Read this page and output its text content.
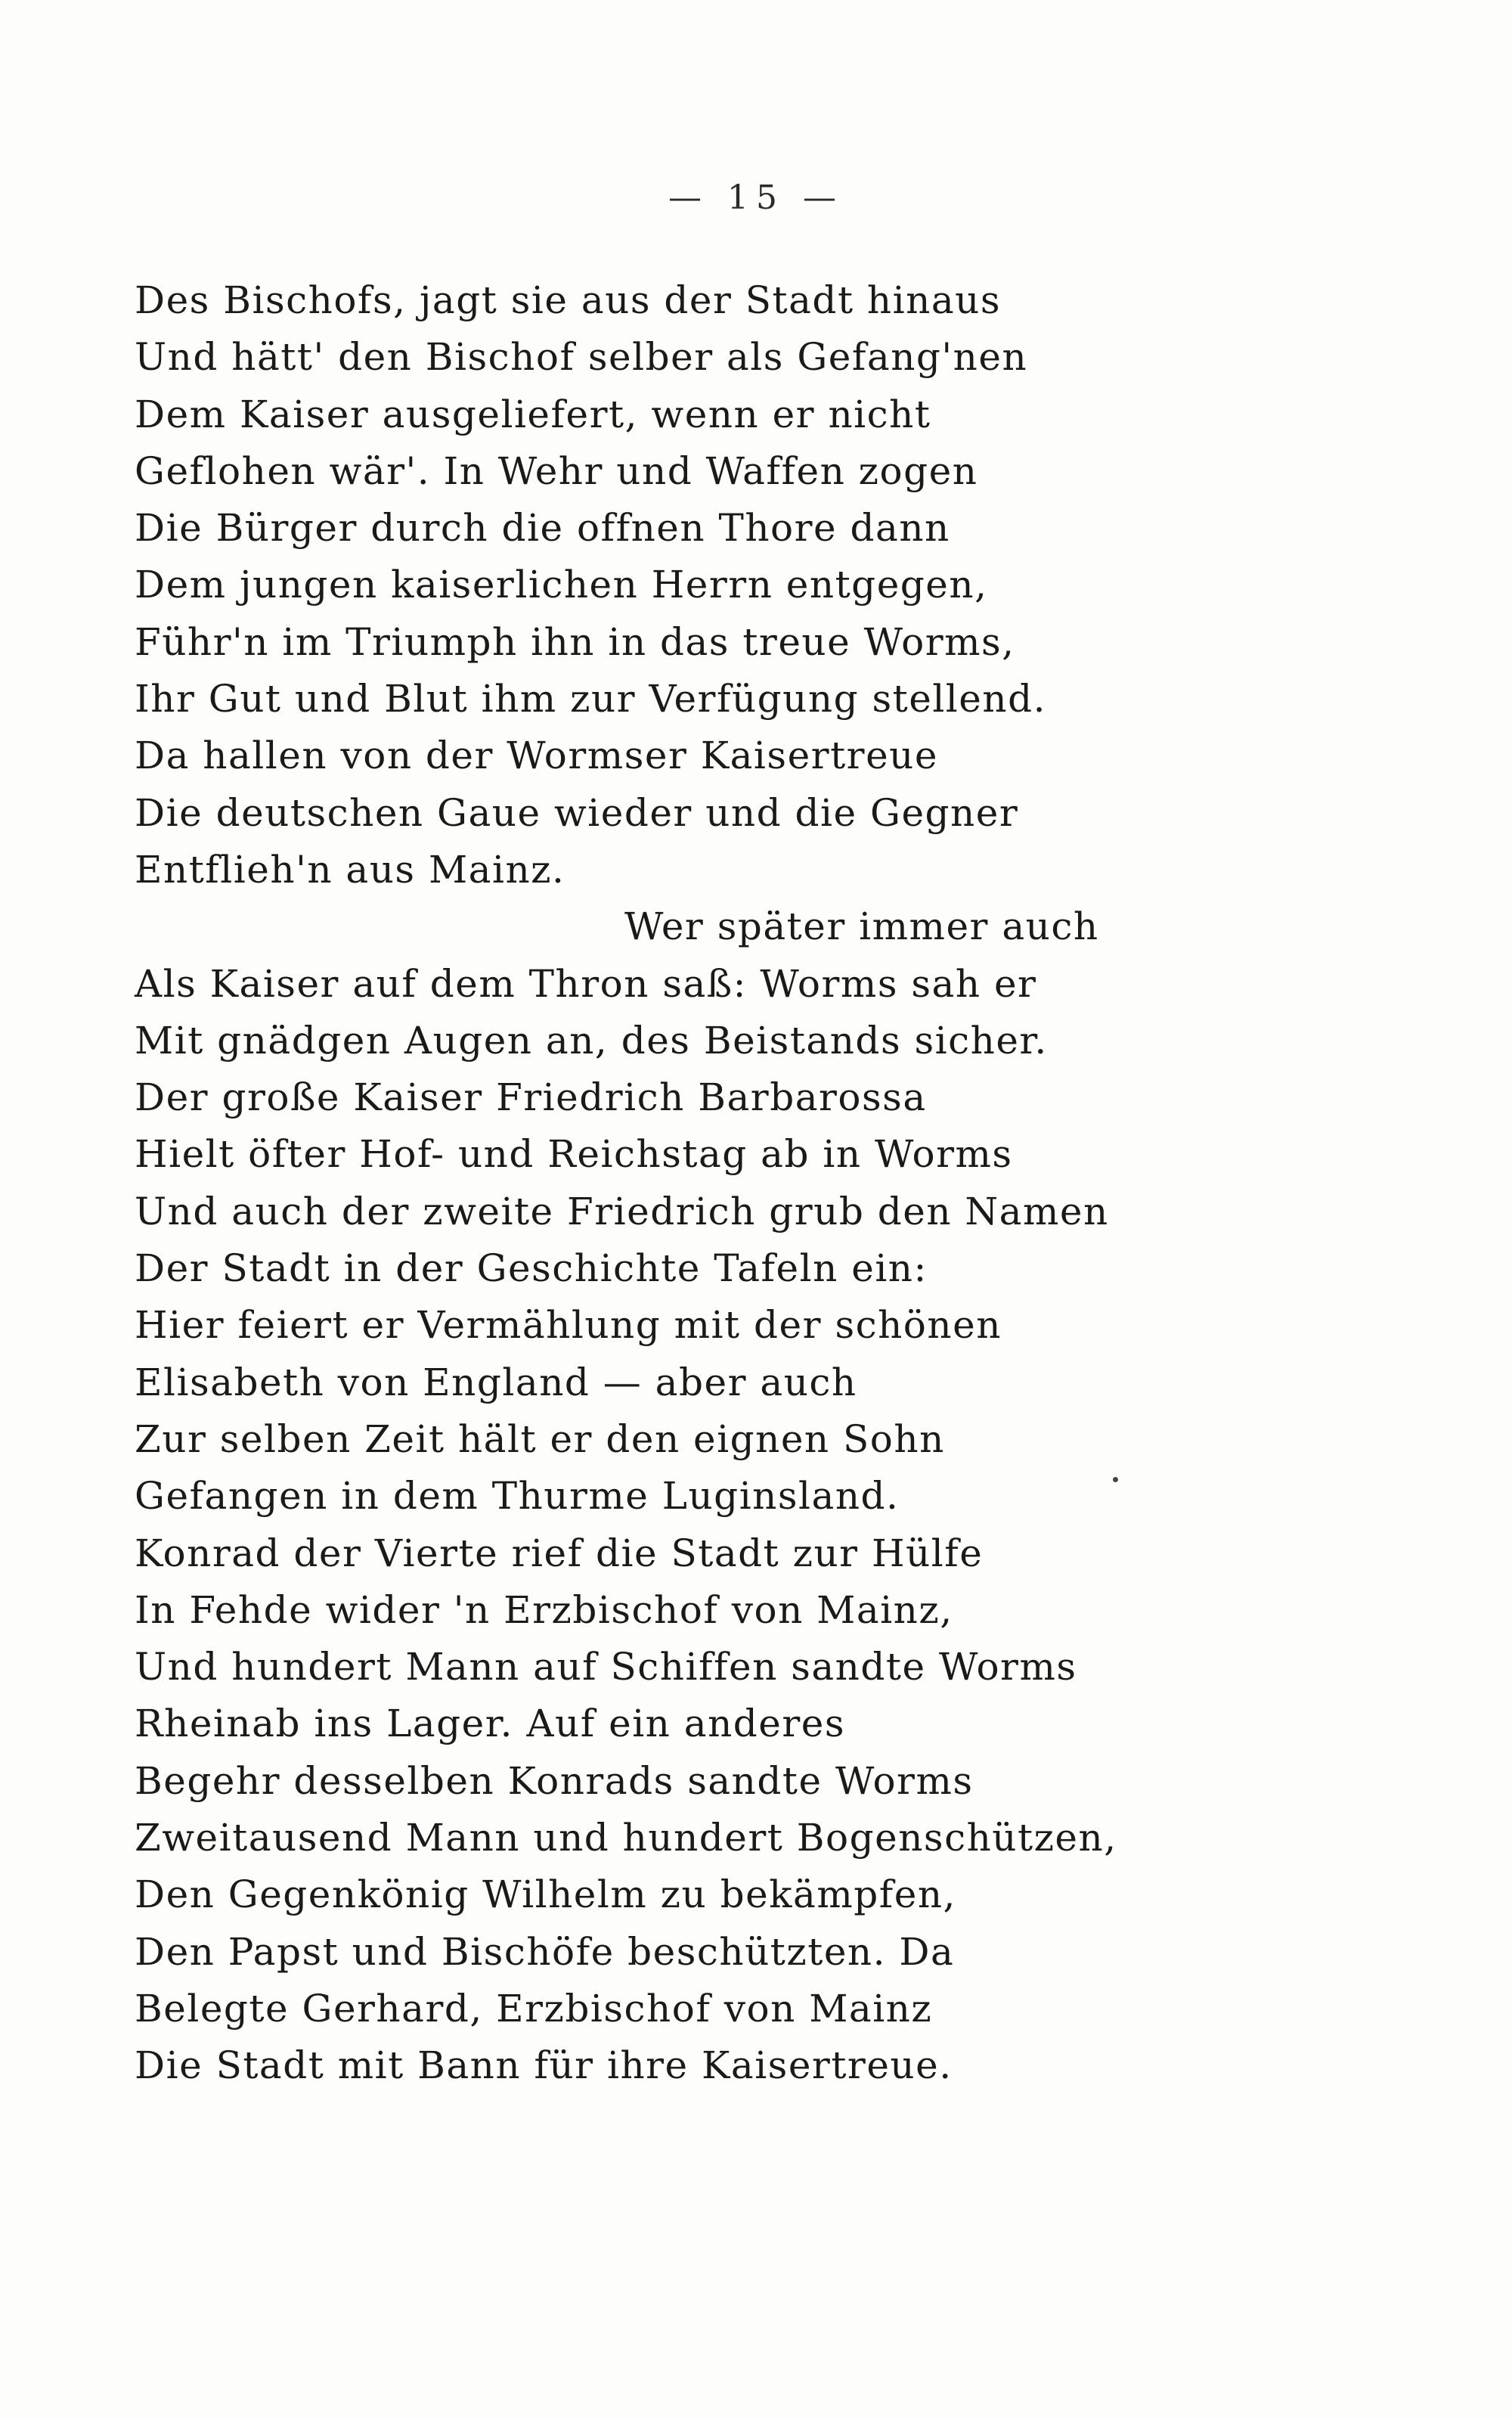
— 15 —
Des Bischofs, jagt sie aus der Stadt hinaus
Und hätt' den Bischof selber als Gefang'nen
Dem Kaiser ausgeliefert, wenn er nicht
Geflohen wär'. In Wehr und Waffen zogen
Die Bürger durch die offnen Thore dann
Dem jungen kaiserlichen Herrn entgegen,
Führ'n im Triumph ihn in das treue Worms,
Ihr Gut und Blut ihm zur Verfügung stellend.
Da hallen von der Wormser Kaisertreue
Die deutschen Gaue wieder und die Gegner
Entflieh'n aus Mainz.
Wer später immer auch
Als Kaiser auf dem Thron saß: Worms sah er
Mit gnädgen Augen an, des Beistands sicher.
Der große Kaiser Friedrich Barbarossa
Hielt öfter Hof- und Reichstag ab in Worms
Und auch der zweite Friedrich grub den Namen
Der Stadt in der Geschichte Tafeln ein:
Hier feiert er Vermählung mit der schönen
Elisabeth von England — aber auch
Zur selben Zeit hält er den eignen Sohn
Gefangen in dem Thurme Luginsland.
Konrad der Vierte rief die Stadt zur Hülfe
In Fehde wider 'n Erzbischof von Mainz,
Und hundert Mann auf Schiffen sandte Worms
Rheinab ins Lager. Auf ein anderes
Begehr desselben Konrads sandte Worms
Zweitausend Mann und hundert Bogenschützen,
Den Gegenkönig Wilhelm zu bekämpfen,
Den Papst und Bischöfe beschützten. Da
Belegte Gerhard, Erzbischof von Mainz
Die Stadt mit Bann für ihre Kaisertreue.
